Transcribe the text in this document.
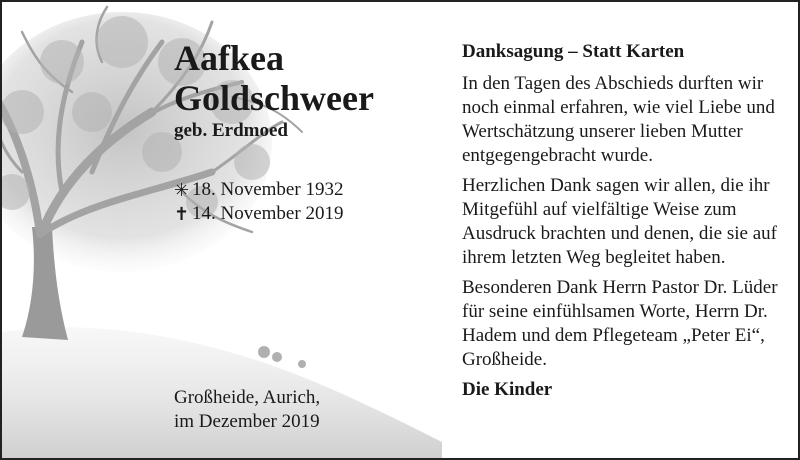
Aafkea
Goldschweer
geb. Erdmoed
✳ 18. November 1932
✝ 14. November 2019
Großheide, Aurich,
im Dezember 2019
Danksagung – Statt Karten

In den Tagen des Abschieds durften wir noch einmal erfahren, wie viel Liebe und Wertschätzung unserer lieben Mutter entgegengebracht wurde.

Herzlichen Dank sagen wir allen, die ihr Mitgefühl auf vielfältige Weise zum Ausdruck brachten und denen, die sie auf ihrem letzten Weg begleitet haben.

Besonderen Dank Herrn Pastor Dr. Lüder für seine einfühlsamen Worte, Herrn Dr. Hadem und dem Pflegeteam „Peter Ei“, Großheide.

Die Kinder
